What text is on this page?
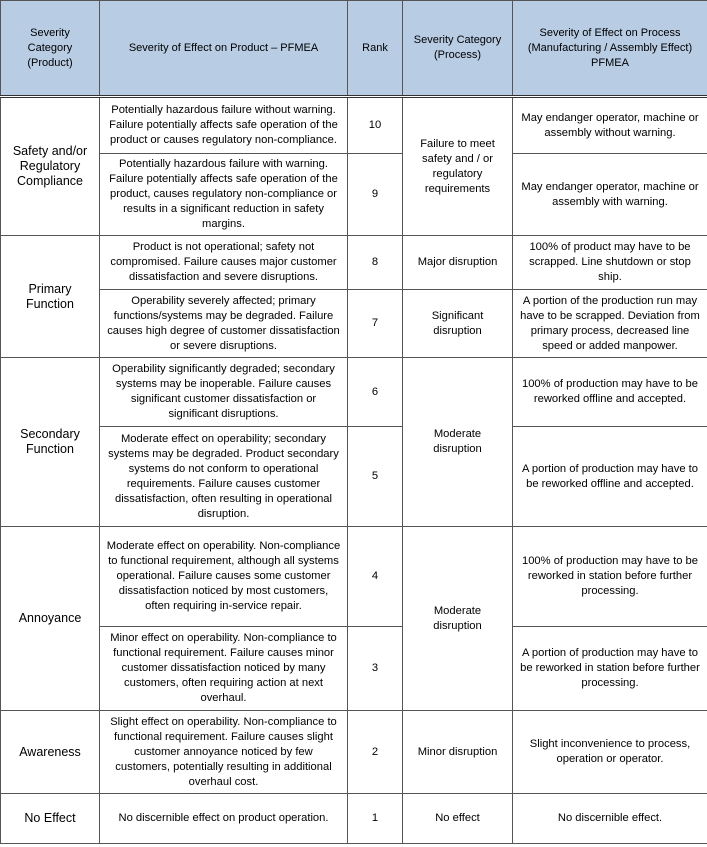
Severity Category (Product)	Severity of Effect on Product – PFMEA	Rank	Severity Category (Process)	Severity of Effect on Process (Manufacturing / Assembly Effect) PFMEA
Safety and/or Regulatory Compliance	Potentially hazardous failure without warning. Failure potentially affects safe operation of the product or causes regulatory non-compliance.	10	Failure to meet safety and / or regulatory requirements	May endanger operator, machine or assembly without warning.
	Potentially hazardous failure with warning. Failure potentially affects safe operation of the product, causes regulatory non-compliance or results in a significant reduction in safety margins.	9		May endanger operator, machine or assembly with warning.
Primary Function	Product is not operational; safety not compromised. Failure causes major customer dissatisfaction and severe disruptions.	8	Major disruption	100% of product may have to be scrapped. Line shutdown or stop ship.
	Operability severely affected; primary functions/systems may be degraded. Failure causes high degree of customer dissatisfaction or severe disruptions.	7	Significant disruption	A portion of the production run may have to be scrapped. Deviation from primary process, decreased line speed or added manpower.
Secondary Function	Operability significantly degraded; secondary systems may be inoperable. Failure causes significant customer dissatisfaction or significant disruptions.	6	Moderate disruption	100% of production may have to be reworked offline and accepted.
	Moderate effect on operability; secondary systems may be degraded. Product secondary systems do not conform to operational requirements. Failure causes customer dissatisfaction, often resulting in operational disruption.	5		A portion of production may have to be reworked offline and accepted.
Annoyance	Moderate effect on operability. Non-compliance to functional requirement, although all systems operational. Failure causes some customer dissatisfaction noticed by most customers, often requiring in-service repair.	4	Moderate disruption	100% of production may have to be reworked in station before further processing.
	Minor effect on operability. Non-compliance to functional requirement. Failure causes minor customer dissatisfaction noticed by many customers, often requiring action at next overhaul.	3		A portion of production may have to be reworked in station before further processing.
Awareness	Slight effect on operability. Non-compliance to functional requirement. Failure causes slight customer annoyance noticed by few customers, potentially resulting in additional overhaul cost.	2	Minor disruption	Slight inconvenience to process, operation or operator.
No Effect	No discernible effect on product operation.	1	No effect	No discernible effect.
